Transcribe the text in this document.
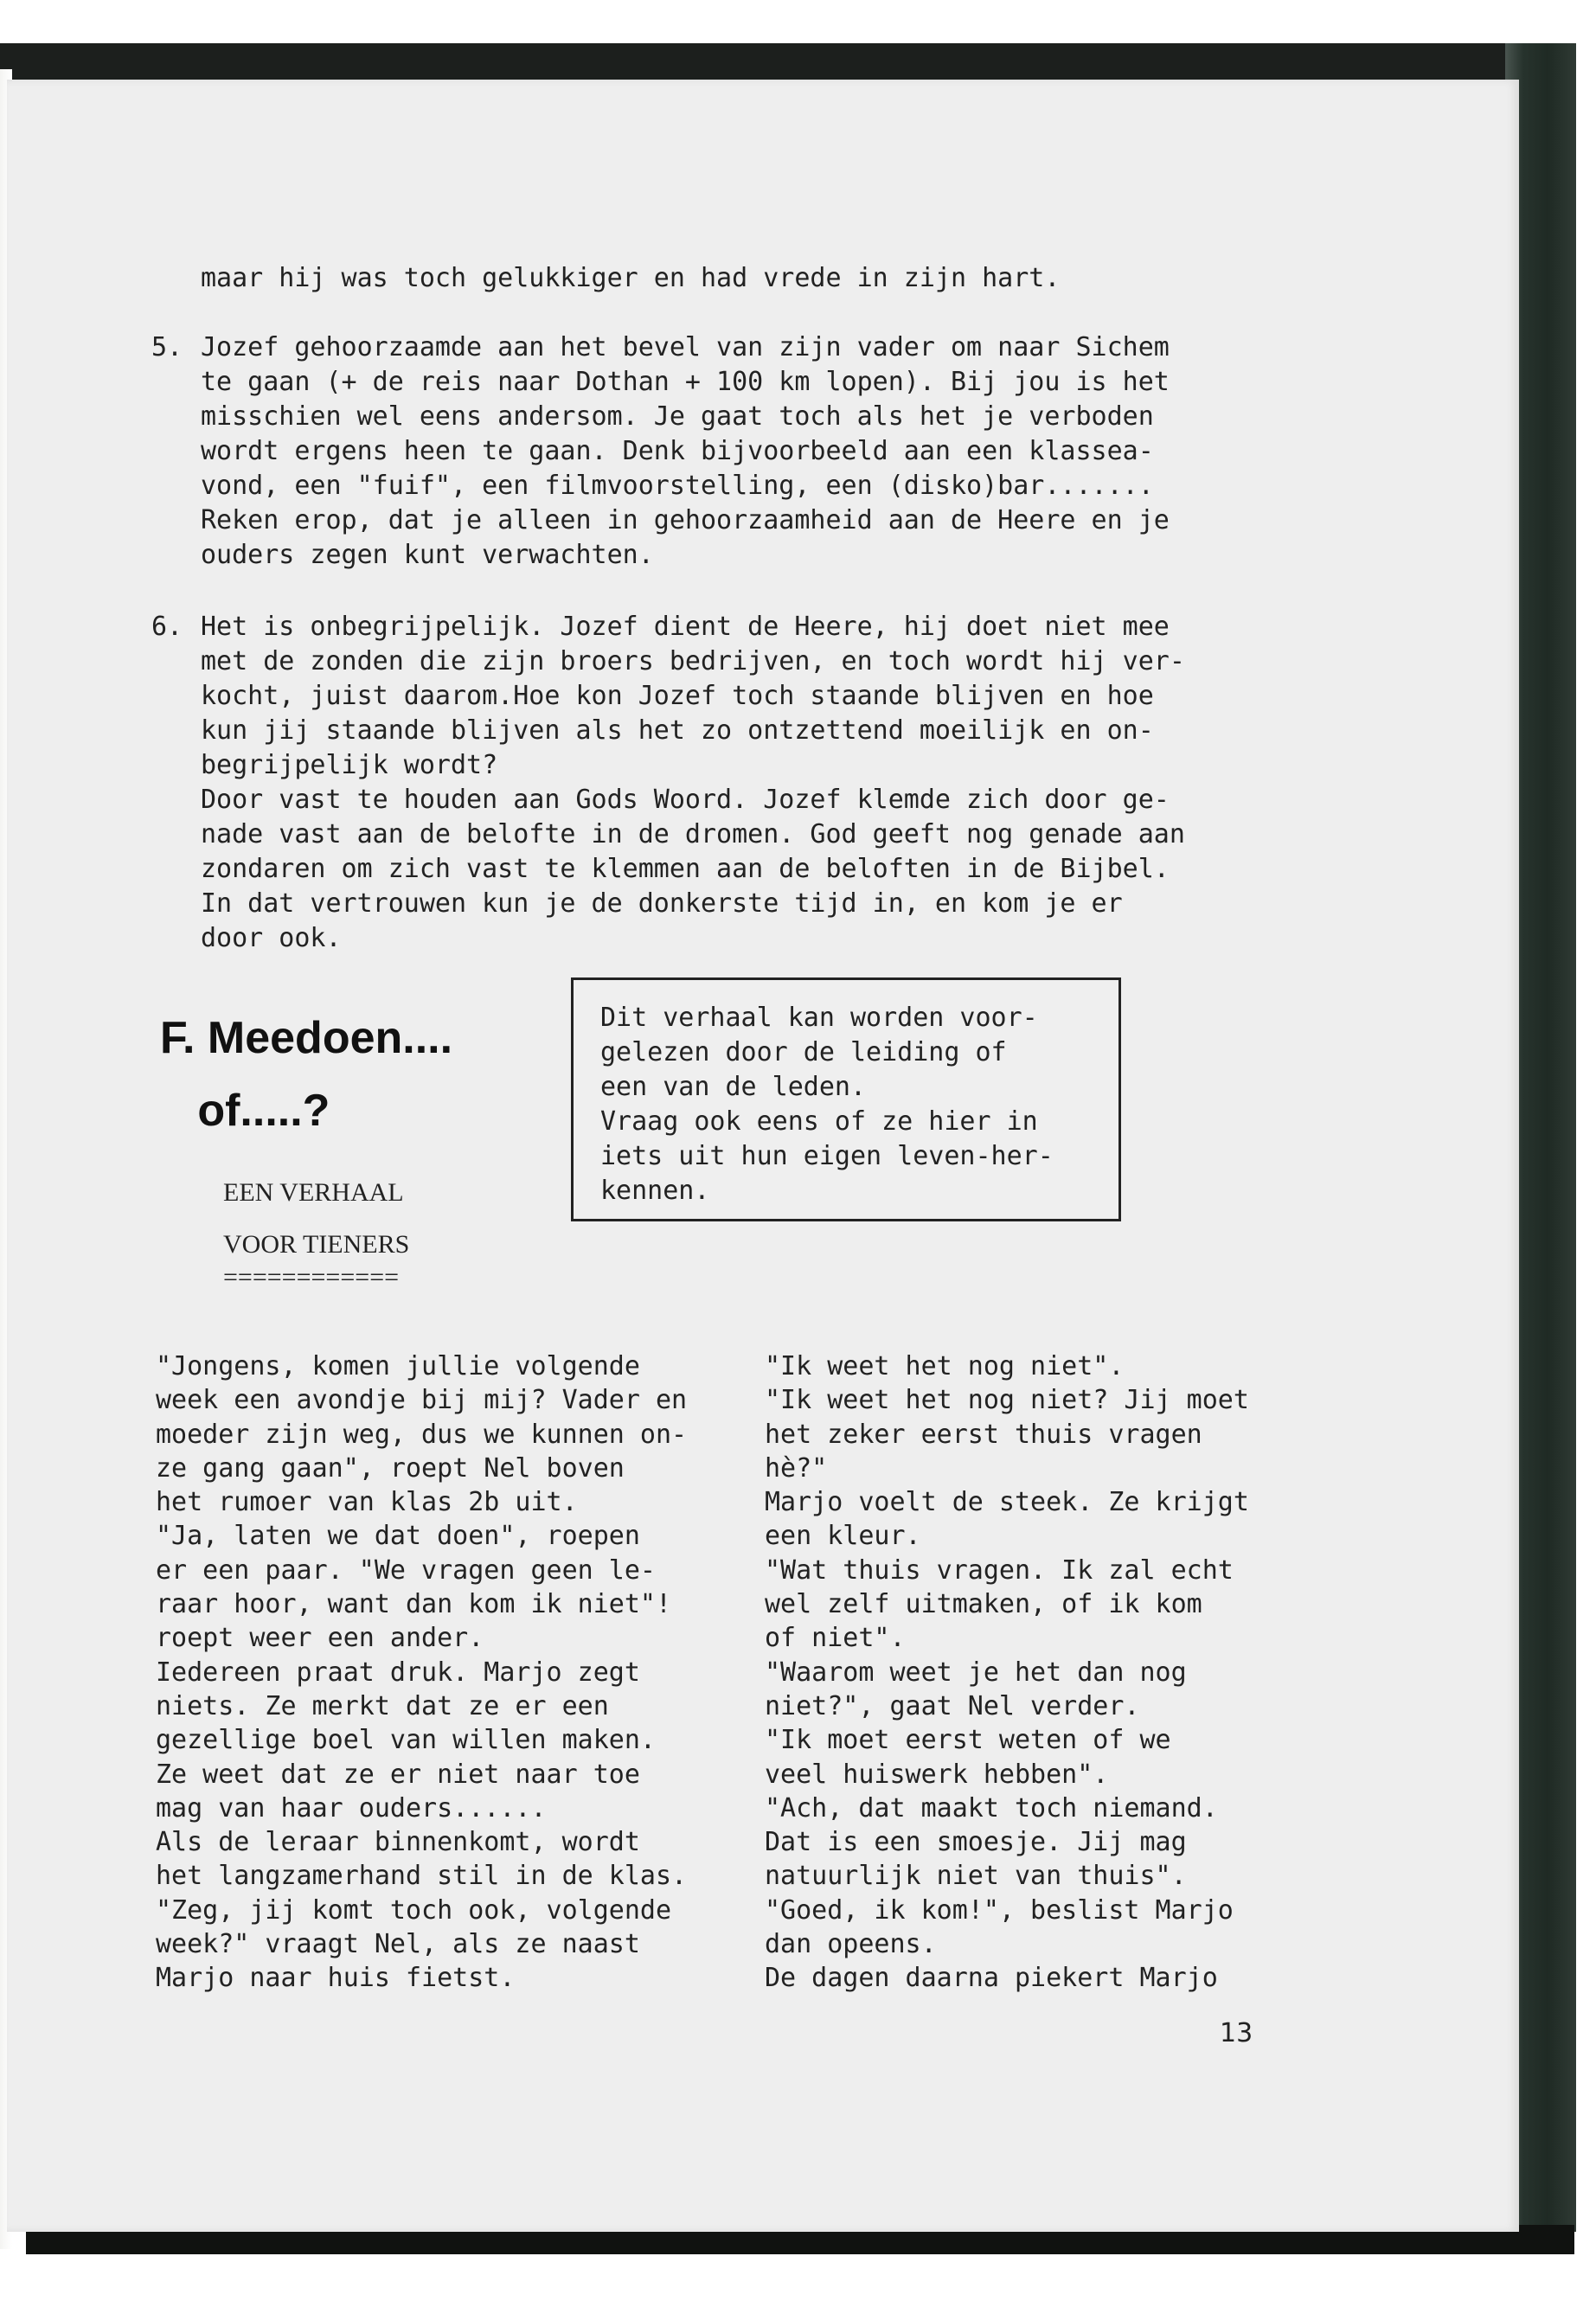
maar hij was toch gelukkiger en had vrede in zijn hart.

5. Jozef gehoorzaamde aan het bevel van zijn vader om naar Sichem
te gaan (+ de reis naar Dothan + 100 km lopen). Bij jou is het
misschien wel eens andersom. Je gaat toch als het je verboden
wordt ergens heen te gaan. Denk bijvoorbeeld aan een klassea-
vond, een "fuif", een filmvoorstelling, een (disko)bar.......
Reken erop, dat je alleen in gehoorzaamheid aan de Heere en je
ouders zegen kunt verwachten.

6. Het is onbegrijpelijk. Jozef dient de Heere, hij doet niet mee
met de zonden die zijn broers bedrijven, en toch wordt hij ver-
kocht, juist daarom.Hoe kon Jozef toch staande blijven en hoe
kun jij staande blijven als het zo ontzettend moeilijk en on-
begrijpelijk wordt?
Door vast te houden aan Gods Woord. Jozef klemde zich door ge-
nade vast aan de belofte in de dromen. God geeft nog genade aan
zondaren om zich vast te klemmen aan de beloften in de Bijbel.
In dat vertrouwen kun je de donkerste tijd in, en kom je er
door ook.

F. Meedoen....
of.....?
EEN VERHAAL
VOOR TIENERS
============

Dit verhaal kan worden voor-
gelezen door de leiding of
een van de leden.
Vraag ook eens of ze hier in
iets uit hun eigen leven-her-
kennen.

"Jongens, komen jullie volgende
week een avondje bij mij? Vader en
moeder zijn weg, dus we kunnen on-
ze gang gaan", roept Nel boven
het rumoer van klas 2b uit.
"Ja, laten we dat doen", roepen
er een paar. "We vragen geen le-
raar hoor, want dan kom ik niet"!
roept weer een ander.
Iedereen praat druk. Marjo zegt
niets. Ze merkt dat ze er een
gezellige boel van willen maken.
Ze weet dat ze er niet naar toe
mag van haar ouders......
Als de leraar binnenkomt, wordt
het langzamerhand stil in de klas.
"Zeg, jij komt toch ook, volgende
week?" vraagt Nel, als ze naast
Marjo naar huis fietst.

"Ik weet het nog niet".
"Ik weet het nog niet? Jij moet
het zeker eerst thuis vragen
hè?"
Marjo voelt de steek. Ze krijgt
een kleur.
"Wat thuis vragen. Ik zal echt
wel zelf uitmaken, of ik kom
of niet".
"Waarom weet je het dan nog
niet?", gaat Nel verder.
"Ik moet eerst weten of we
veel huiswerk hebben".
"Ach, dat maakt toch niemand.
Dat is een smoesje. Jij mag
natuurlijk niet van thuis".
"Goed, ik kom!", beslist Marjo
dan opeens.
De dagen daarna piekert Marjo

13
